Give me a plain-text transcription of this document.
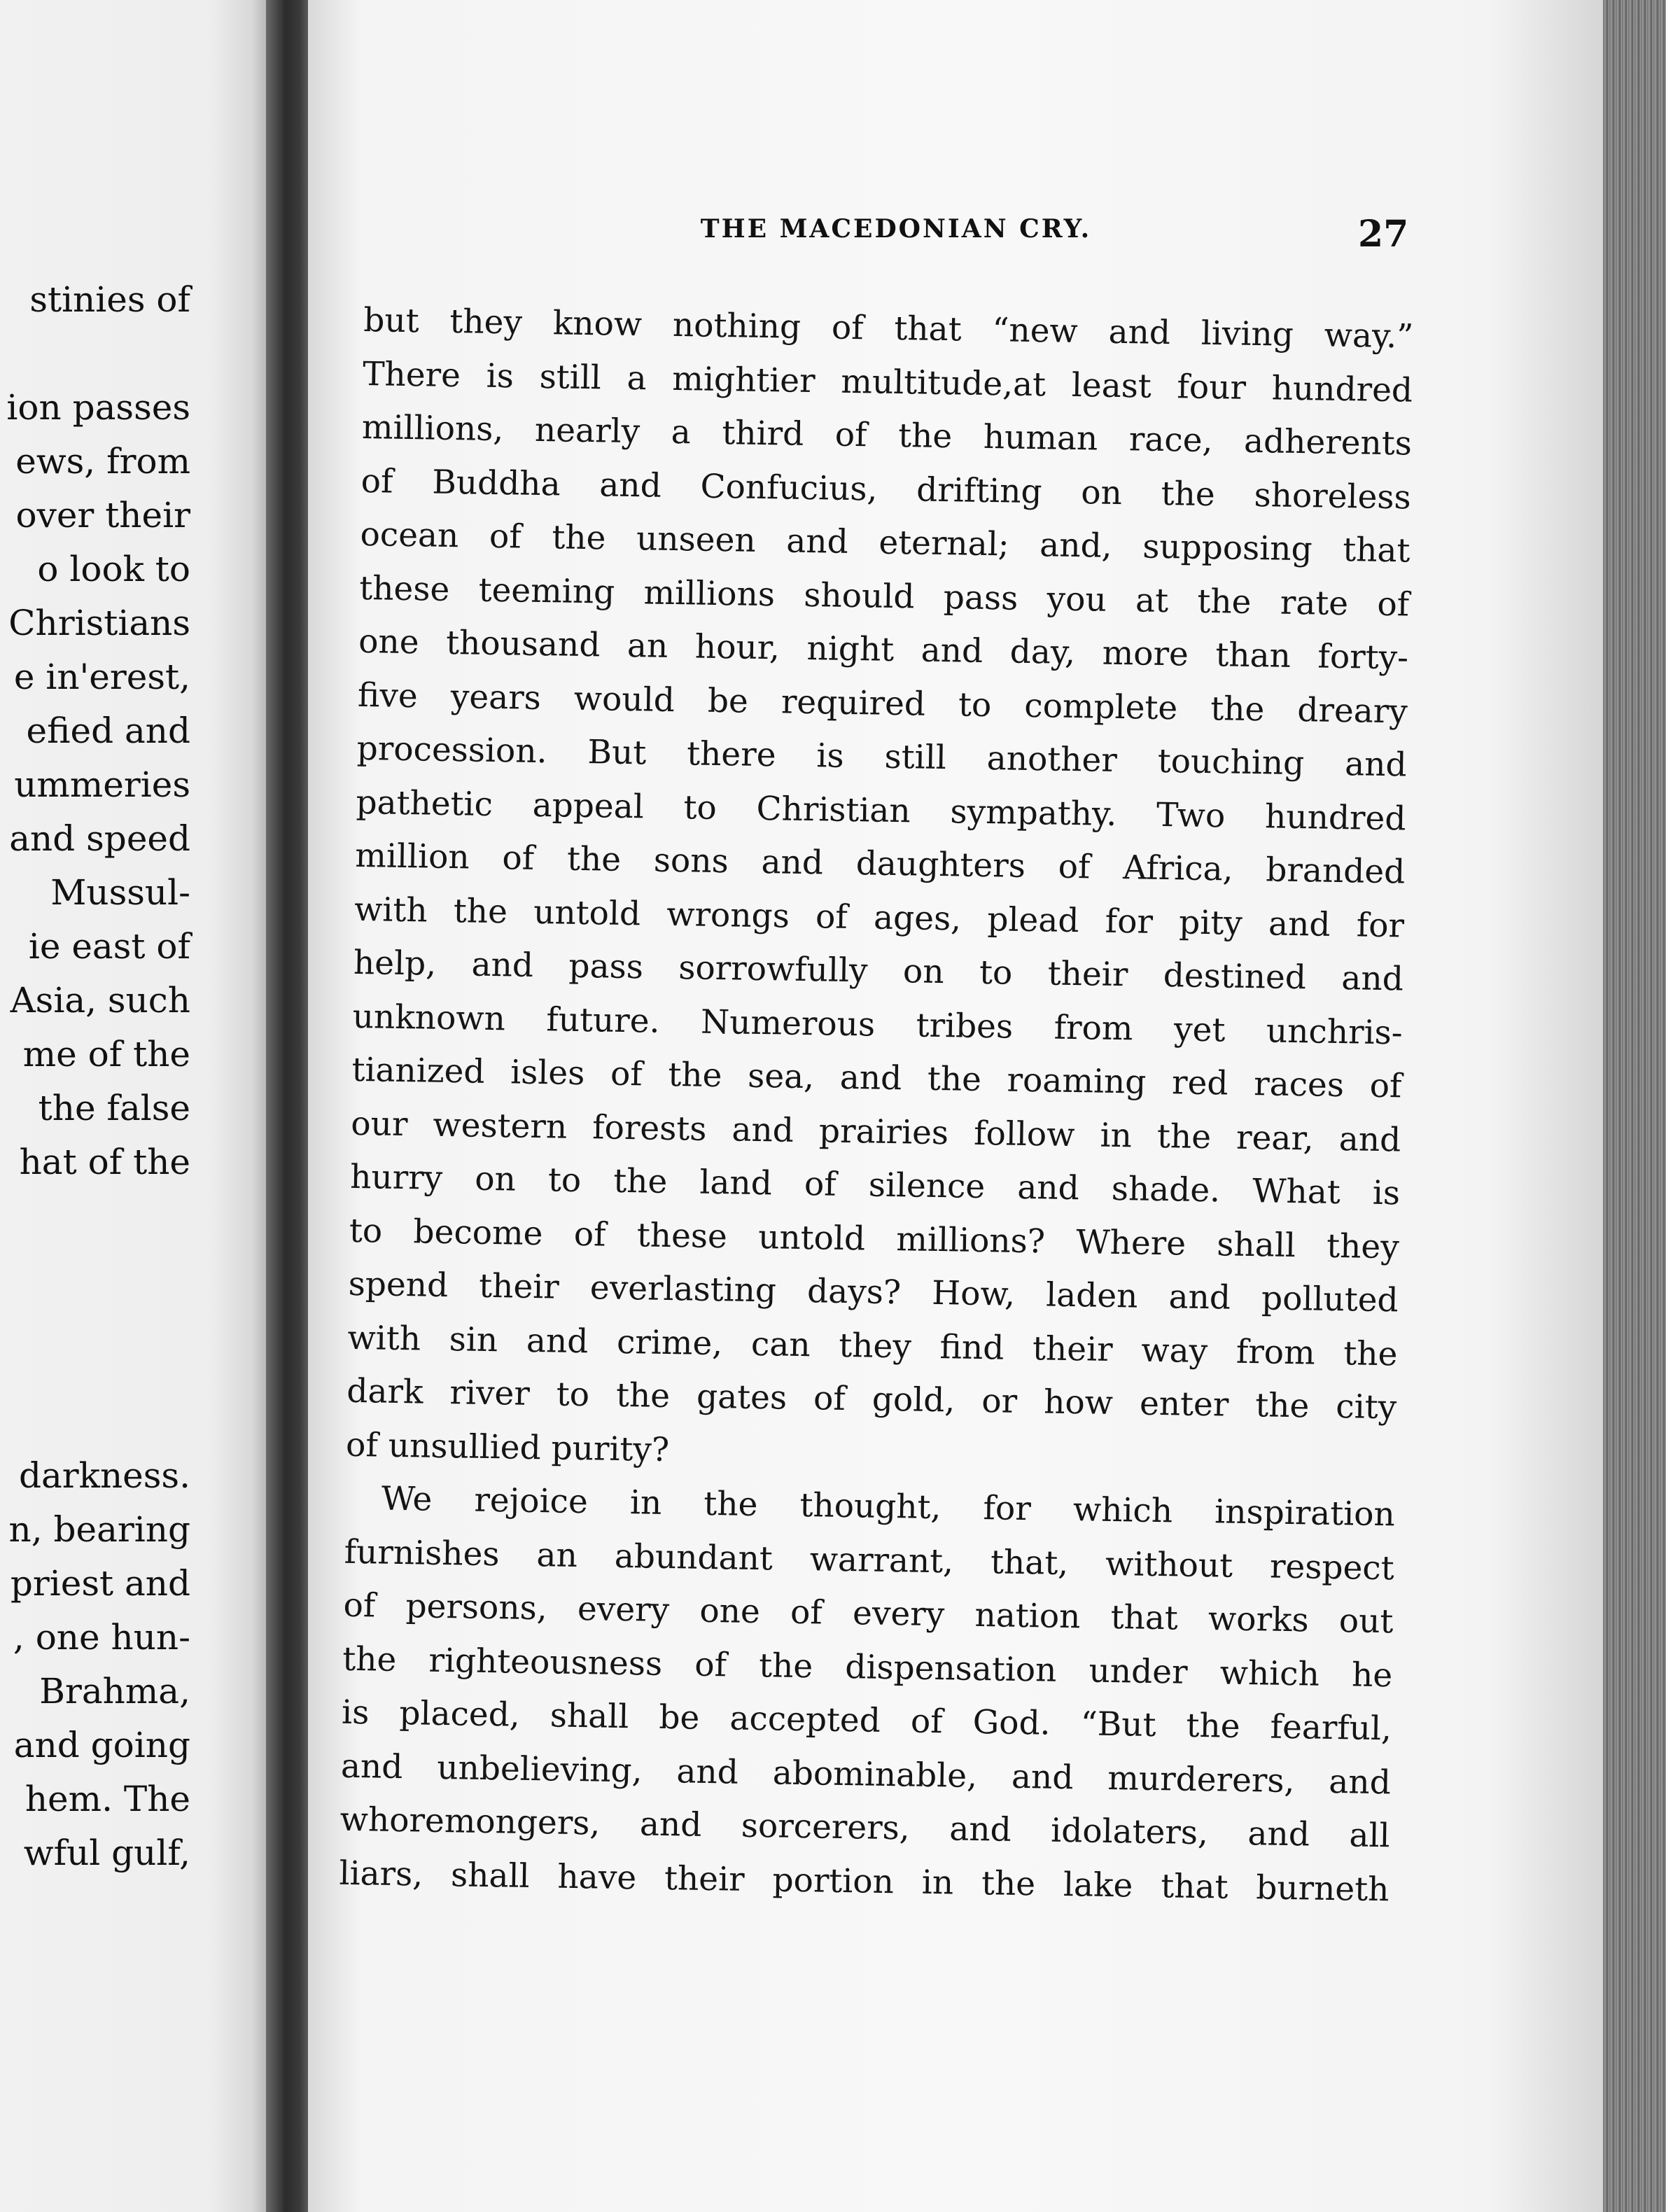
stinies of
ion passes
ews, from
over their
o look to
Christians
e in'erest,
efied and
ummeries
and speed
Mussul-
ie east of
Asia, such
me of the
the false
hat of the
darkness.
n, bearing
priest and
, one hun-
Brahma,
and going
hem. The
wful gulf,
THE MACEDONIAN CRY.	27
but they know nothing of that “new and living way.”
There is still a mightier multitude,at least four hundred
millions, nearly a third of the human race, adherents
of Buddha and Confucius, drifting on the shoreless
ocean of the unseen and eternal; and, supposing that
these teeming millions should pass you at the rate of
one thousand an hour, night and day, more than forty-
five years would be required to complete the dreary
procession. But there is still another touching and
pathetic appeal to Christian sympathy. Two hundred
million of the sons and daughters of Africa, branded
with the untold wrongs of ages, plead for pity and for
help, and pass sorrowfully on to their destined and
unknown future. Numerous tribes from yet unchris-
tianized isles of the sea, and the roaming red races of
our western forests and prairies follow in the rear, and
hurry on to the land of silence and shade. What is
to become of these untold millions? Where shall they
spend their everlasting days? How, laden and polluted
with sin and crime, can they find their way from the
dark river to the gates of gold, or how enter the city
of unsullied purity?
We rejoice in the thought, for which inspiration
furnishes an abundant warrant, that, without respect
of persons, every one of every nation that works out
the righteousness of the dispensation under which he
is placed, shall be accepted of God. “But the fearful,
and unbelieving, and abominable, and murderers, and
whoremongers, and sorcerers, and idolaters, and all
liars, shall have their portion in the lake that burneth
